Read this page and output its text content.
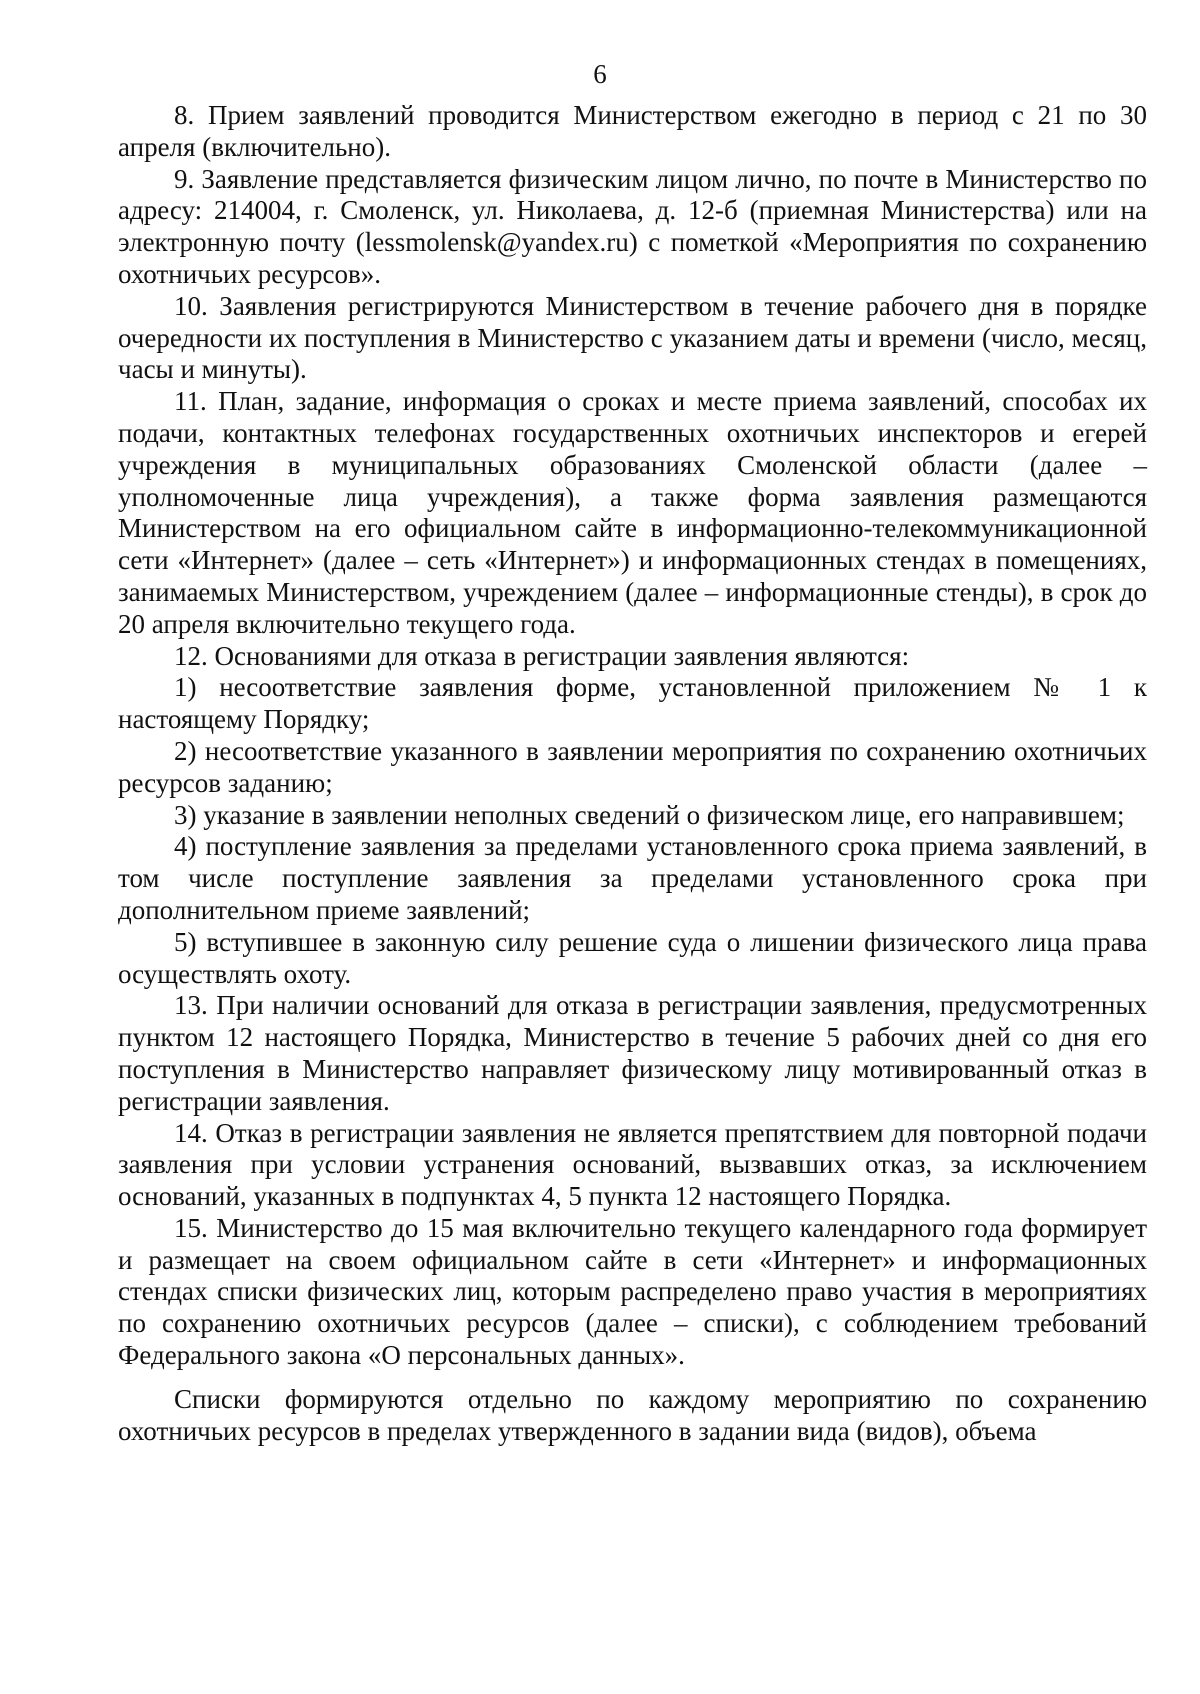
6

8. Прием заявлений проводится Министерством ежегодно в период с 21 по 30 апреля (включительно).

9. Заявление представляется физическим лицом лично, по почте в Министерство по адресу: 214004, г. Смоленск, ул. Николаева, д. 12-б (приемная Министерства) или на электронную почту (lessmolensk@yandex.ru) с пометкой «Мероприятия по сохранению охотничьих ресурсов».

10. Заявления регистрируются Министерством в течение рабочего дня в порядке очередности их поступления в Министерство с указанием даты и времени (число, месяц, часы и минуты).

11. План, задание, информация о сроках и месте приема заявлений, способах их подачи, контактных телефонах государственных охотничьих инспекторов и егерей учреждения в муниципальных образованиях Смоленской области (далее – уполномоченные лица учреждения), а также форма заявления размещаются Министерством на его официальном сайте в информационно-телекоммуникационной сети «Интернет» (далее – сеть «Интернет») и информационных стендах в помещениях, занимаемых Министерством, учреждением (далее – информационные стенды), в срок до 20 апреля включительно текущего года.

12. Основаниями для отказа в регистрации заявления являются:

1) несоответствие заявления форме, установленной приложением № 1 к настоящему Порядку;

2) несоответствие указанного в заявлении мероприятия по сохранению охотничьих ресурсов заданию;

3) указание в заявлении неполных сведений о физическом лице, его направившем;

4) поступление заявления за пределами установленного срока приема заявлений, в том числе поступление заявления за пределами установленного срока при дополнительном приеме заявлений;

5) вступившее в законную силу решение суда о лишении физического лица права осуществлять охоту.

13. При наличии оснований для отказа в регистрации заявления, предусмотренных пунктом 12 настоящего Порядка, Министерство в течение 5 рабочих дней со дня его поступления в Министерство направляет физическому лицу мотивированный отказ в регистрации заявления.

14. Отказ в регистрации заявления не является препятствием для повторной подачи заявления при условии устранения оснований, вызвавших отказ, за исключением оснований, указанных в подпунктах 4, 5 пункта 12 настоящего Порядка.

15. Министерство до 15 мая включительно текущего календарного года формирует и размещает на своем официальном сайте в сети «Интернет» и информационных стендах списки физических лиц, которым распределено право участия в мероприятиях по сохранению охотничьих ресурсов (далее – списки), с соблюдением требований Федерального закона «О персональных данных».

Списки формируются отдельно по каждому мероприятию по сохранению охотничьих ресурсов в пределах утвержденного в задании вида (видов), объема
